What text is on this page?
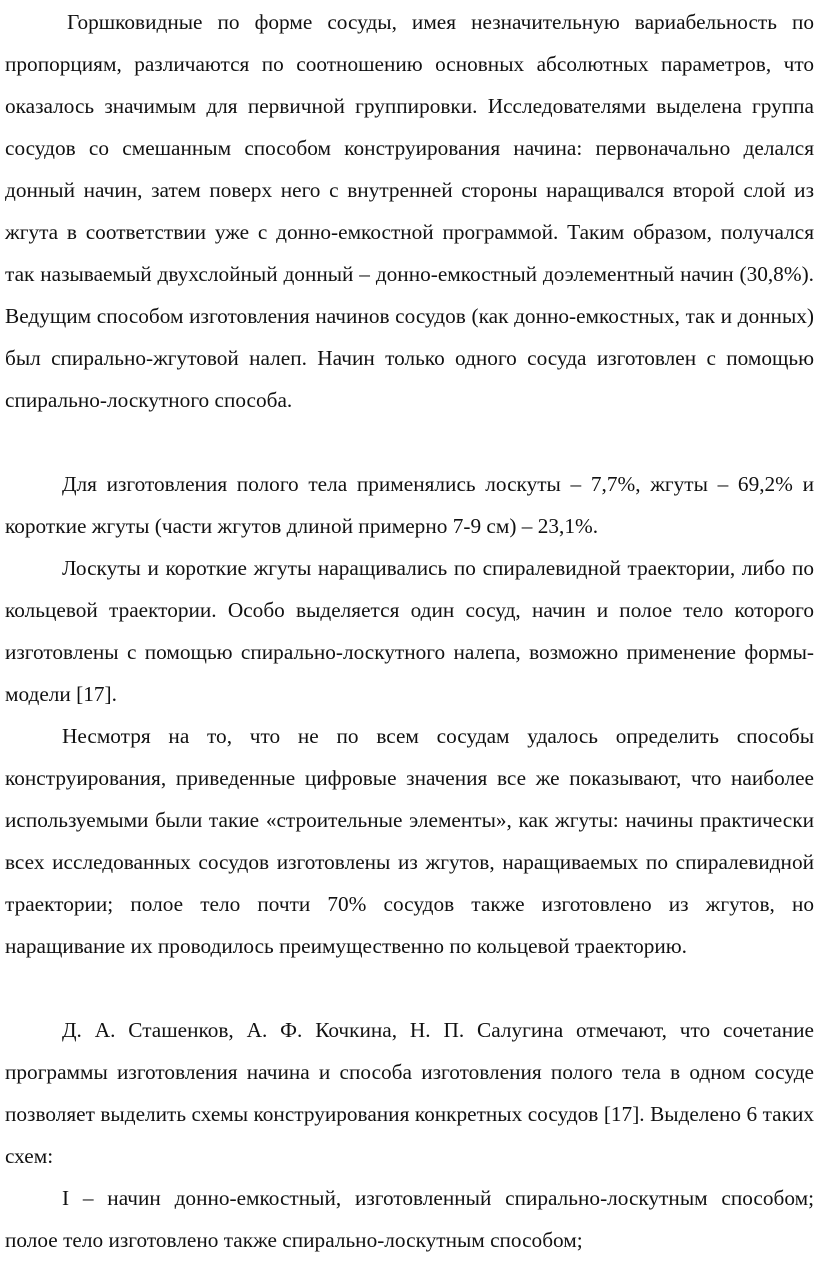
Горшковидные по форме сосуды, имея незначительную вариабельность по пропорциям, различаются по соотношению основных абсолютных параметров, что оказалось значимым для первичной группировки. Исследователями выделена группа сосудов со смешанным способом конструирования начина: первоначально делался донный начин, затем поверх него с внутренней стороны наращивался второй слой из жгута в соответствии уже с донно-емкостной программой. Таким образом, получался так называемый двухслойный донный – донно-емкостный доэлементный начин (30,8%). Ведущим способом изготовления начинов сосудов (как донно-емкостных, так и донных) был спирально-жгутовой налеп. Начин только одного сосуда изготовлен с помощью спирально-лоскутного способа.

Для изготовления полого тела применялись лоскуты – 7,7%, жгуты – 69,2% и короткие жгуты (части жгутов длиной примерно 7-9 см) – 23,1%.

Лоскуты и короткие жгуты наращивались по спиралевидной траектории, либо по кольцевой траектории. Особо выделяется один сосуд, начин и полое тело которого изготовлены с помощью спирально-лоскутного налепа, возможно применение формы-модели [17].

Несмотря на то, что не по всем сосудам удалось определить способы конструирования, приведенные цифровые значения все же показывают, что наиболее используемыми были такие «строительные элементы», как жгуты: начины практически всех исследованных сосудов изготовлены из жгутов, наращиваемых по спиралевидной траектории; полое тело почти 70% сосудов также изготовлено из жгутов, но наращивание их проводилось преимущественно по кольцевой траекторию.

Д. А. Сташенков, А. Ф. Кочкина, Н. П. Салугина отмечают, что сочетание программы изготовления начина и способа изготовления полого тела в одном сосуде позволяет выделить схемы конструирования конкретных сосудов [17]. Выделено 6 таких схем:

I – начин донно-емкостный, изготовленный спирально-лоскутным способом; полое тело изготовлено также спирально-лоскутным способом;
